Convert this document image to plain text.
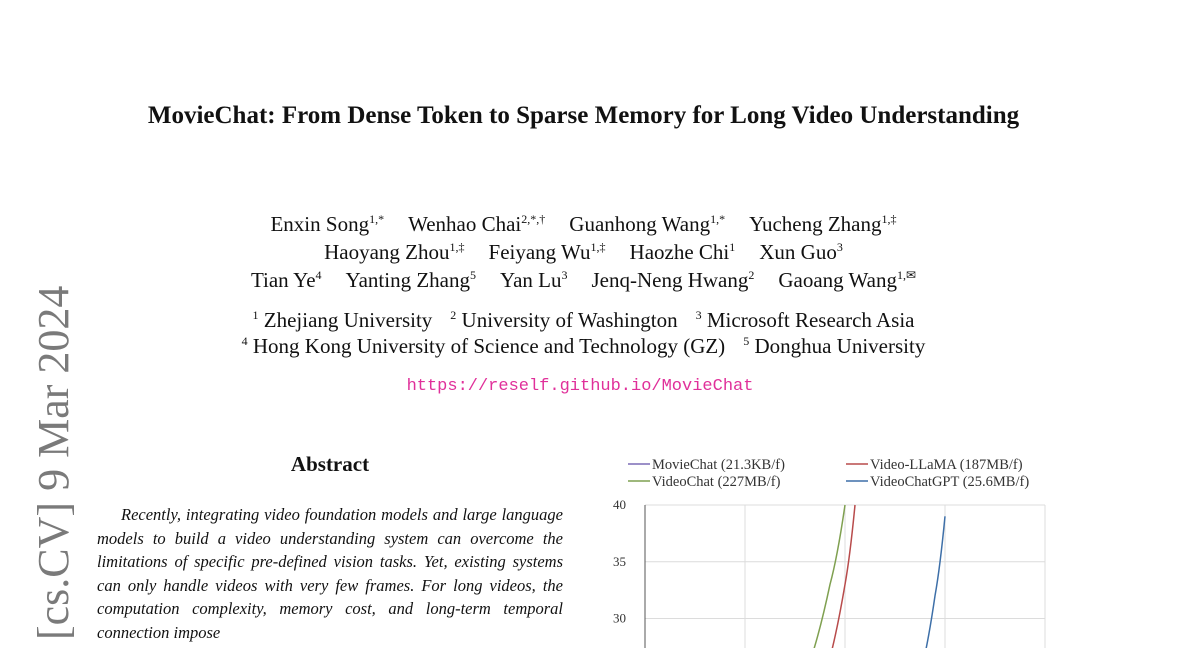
MovieChat: From Dense Token to Sparse Memory for Long Video Understanding
Enxin Song$^{1,*}$ Wenhao Chai$^{2,*,\dagger}$ Guanhong Wang$^{1,*}$ Yucheng Zhang$^{1,\ddagger}$
Haoyang Zhou$^{1,\ddagger}$ Feiyang $Wu^{1,\ddagger}$ Haozhe Chi$^1$ Xun Guo$^3$
Tian Ye$^4$ Yanting Zhang$^5$ Yan Lu$^3$ Jenq-Neng Hwang$^2$ Gaoang Wang$^{1,✉}$
$^1$ Zhejiang University $^2$ University of Washington $^3$ Microsoft Research Asia
$^4$ Hong Kong University of Science and Technology (GZ) $^5$ Donghua University
https://reself.github.io/MovieChat
[cs.CV] 9 Mar 2024	Abstract

Recently, integrating video foundation models and large language models to build a video understanding system can overcome the limitations of specific pre-defined vision tasks. Yet, existing systems can only handle videos with very few frames. For long videos, the computation complexity, memory cost, and long-term temporal connection impose

MovieChat (21.3KB/f)	Video-LLaMA (187MB/f)
VideoChat (227MB/f)	VideoChatGPT (25.6MB/f)
30
35
40
